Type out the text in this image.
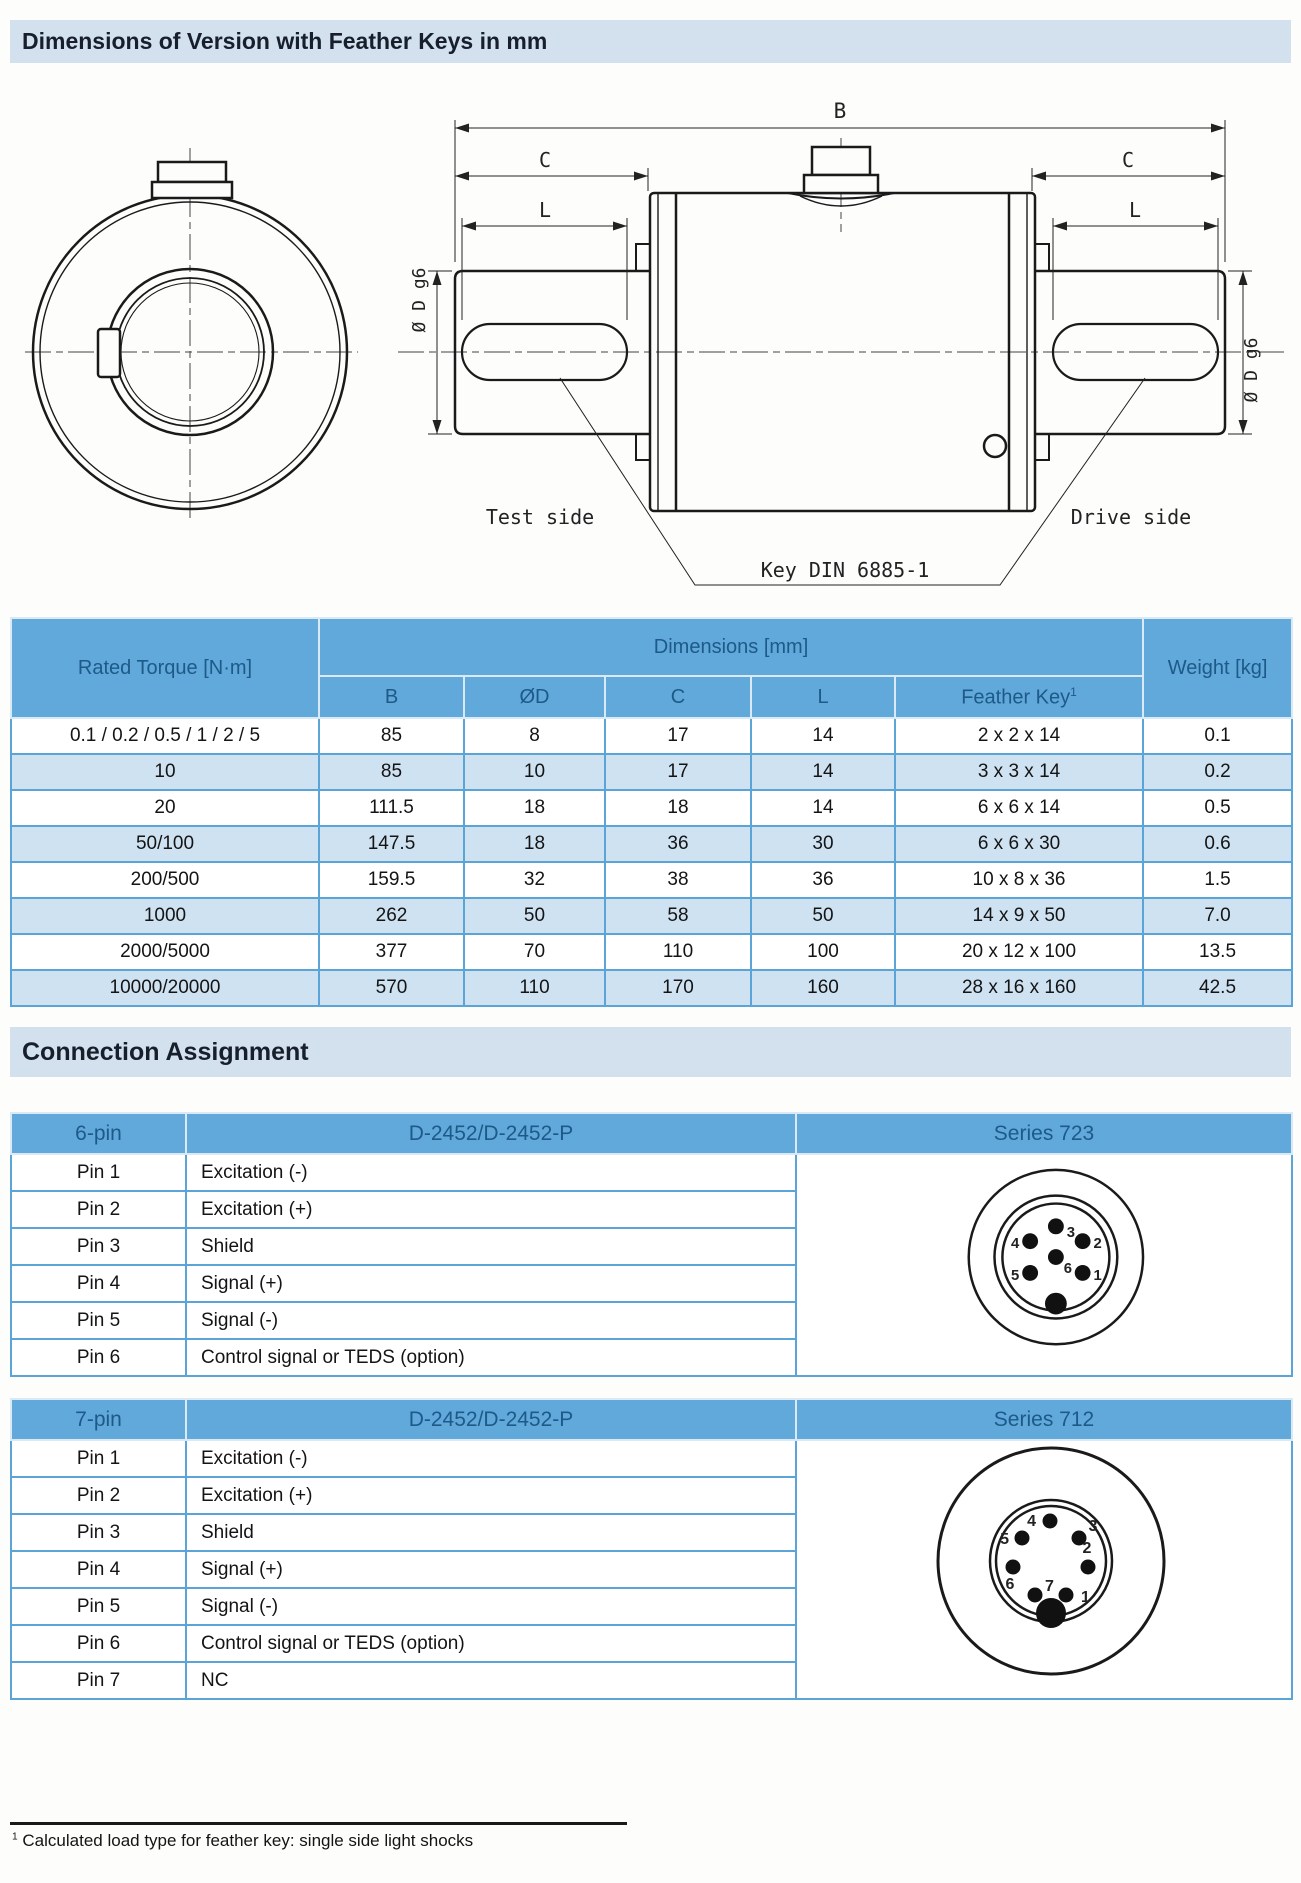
B
C	C
L	L
Ø D g6
Ø D g6
Test side	Drive side
Key DIN 6885-1
Dimensions of Version with Feather Keys in mm
Rated Torque [N·m]	Dimensions [mm]					Weight [kg]
	B	ØD	C	L	Feather Key$^1$
0.1 / 0.2 / 0.5 / 1 / 2 / 5	85	8	17	14	2 x 2 x 14	0.1
10	85	10	17	14	3 x 3 x 14	0.2
20	111.5	18	18	14	6 x 6 x 14	0.5
50/100	147.5	18	36	30	6 x 6 x 30	0.6
200/500	159.5	32	38	36	10 x 8 x 36	1.5
1000	262	50	58	50	14 x 9 x 50	7.0
2000/5000	377	70	110	100	20 x 12 x 100	13.5
10000/20000	570	110	170	160	28 x 16 x 160	42.5
Connection Assignment
6-pin	D-2452/D-2452-P	Series 723
Pin 1	Excitation (-)	
3
2
1
5
4
6

Pin 2	Excitation (+)	
Pin 3	Shield	
Pin 4	Signal (+)	
Pin 5	Signal (-)	
Pin 6	Control signal or TEDS (option)	
7-pin	D-2452/D-2452-P	Series 712
Pin 1	Excitation (-)	
4	3
5
2
6 7
1

Pin 2	Excitation (+)	
Pin 3	Shield	
Pin 4	Signal (+)	
Pin 5	Signal (-)	
Pin 6	Control signal or TEDS (option)	
Pin 7	NC	
$^1$ Calculated load type for feather key: single side light shocks
